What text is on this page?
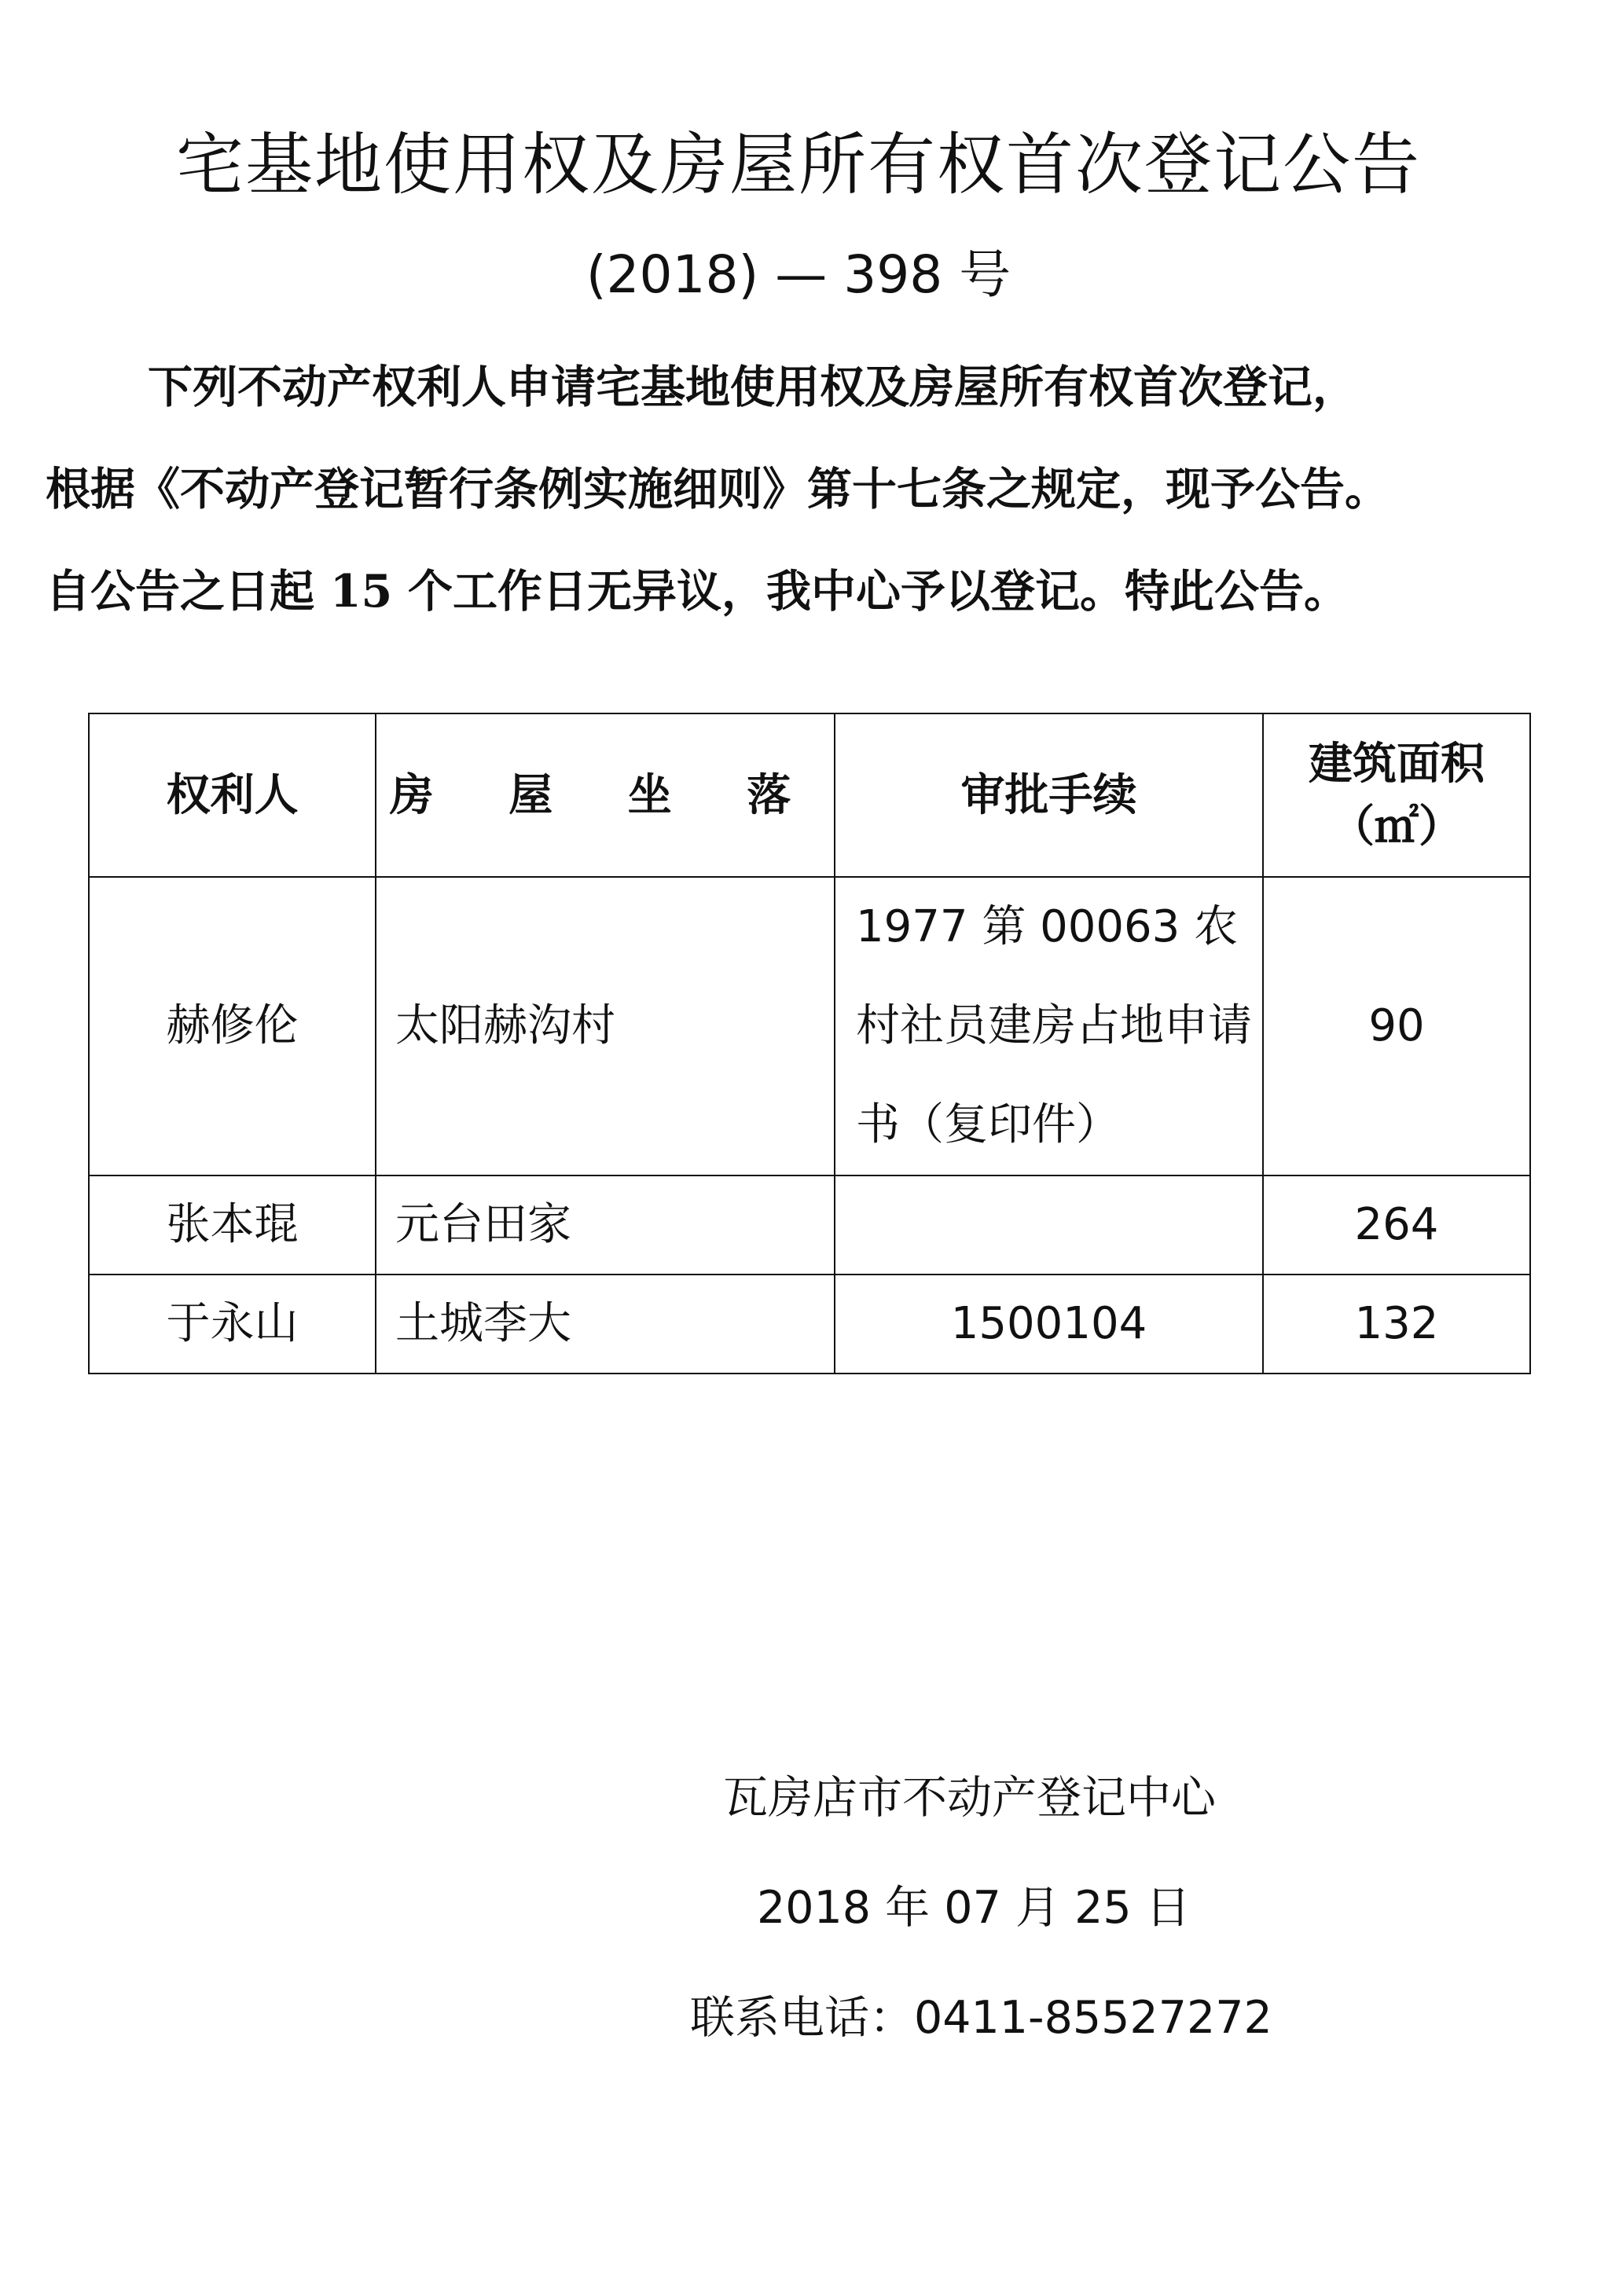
宅基地使用权及房屋所有权首次登记公告
(2018) — 398 号
下列不动产权利人申请宅基地使用权及房屋所有权首次登记，
根据《不动产登记暂行条例实施细则》第十七条之规定，现予公告。
自公告之日起 15 个工作日无异议，我中心予以登记。特此公告。
权利人	房 屋 坐 落	审批手续	建筑面积
（㎡）

赫修伦	太阳赫沟村	1977 第 00063 农村社员建房占地申请书（复印件）	90
张本琨	元台田家		264
于永山	土城李大	1500104	132
瓦房店市不动产登记中心
2018 年 07 月 25 日
联系电话：0411-85527272
